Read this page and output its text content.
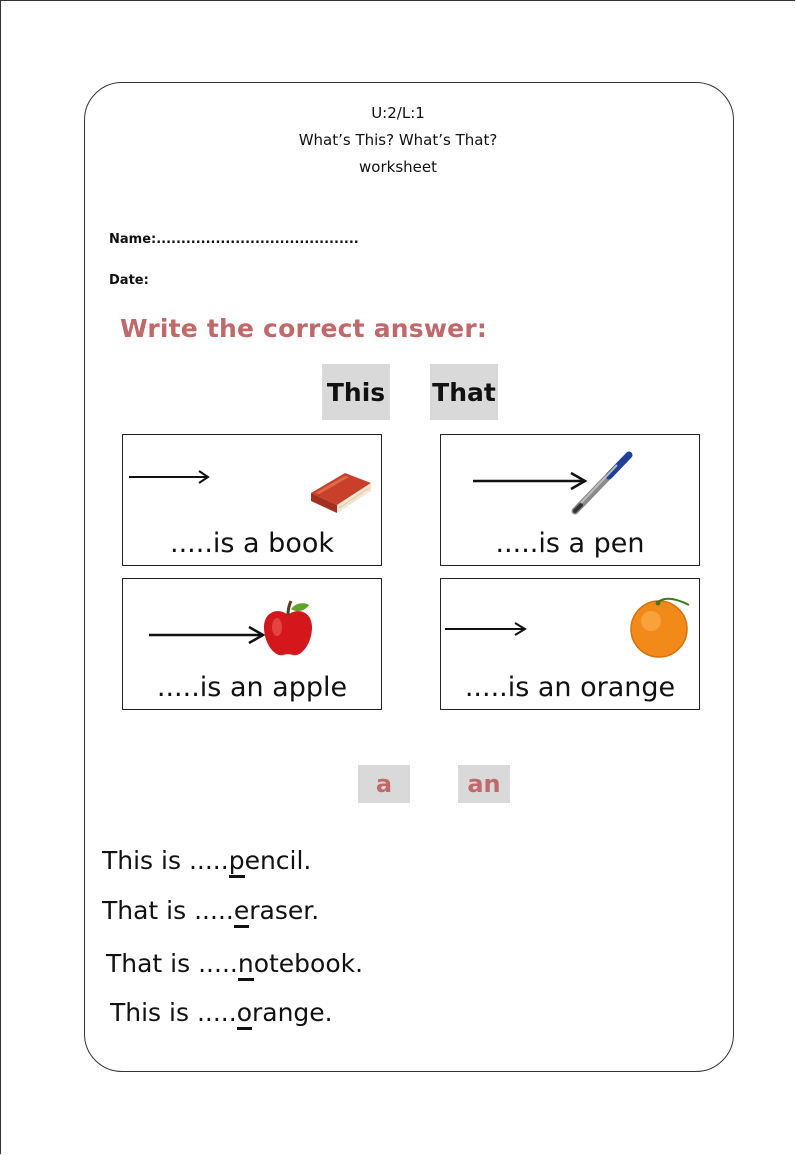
U:2/L:1
What’s This? What’s That?
worksheet
Name:.........................................
Date:
Write the correct answer:
This That
.....is a book	.....is a pen
.....is an apple	.....is an orange
a	an
This is .....pencil.
That is .....eraser.
That is .....notebook.
This is .....orange.
